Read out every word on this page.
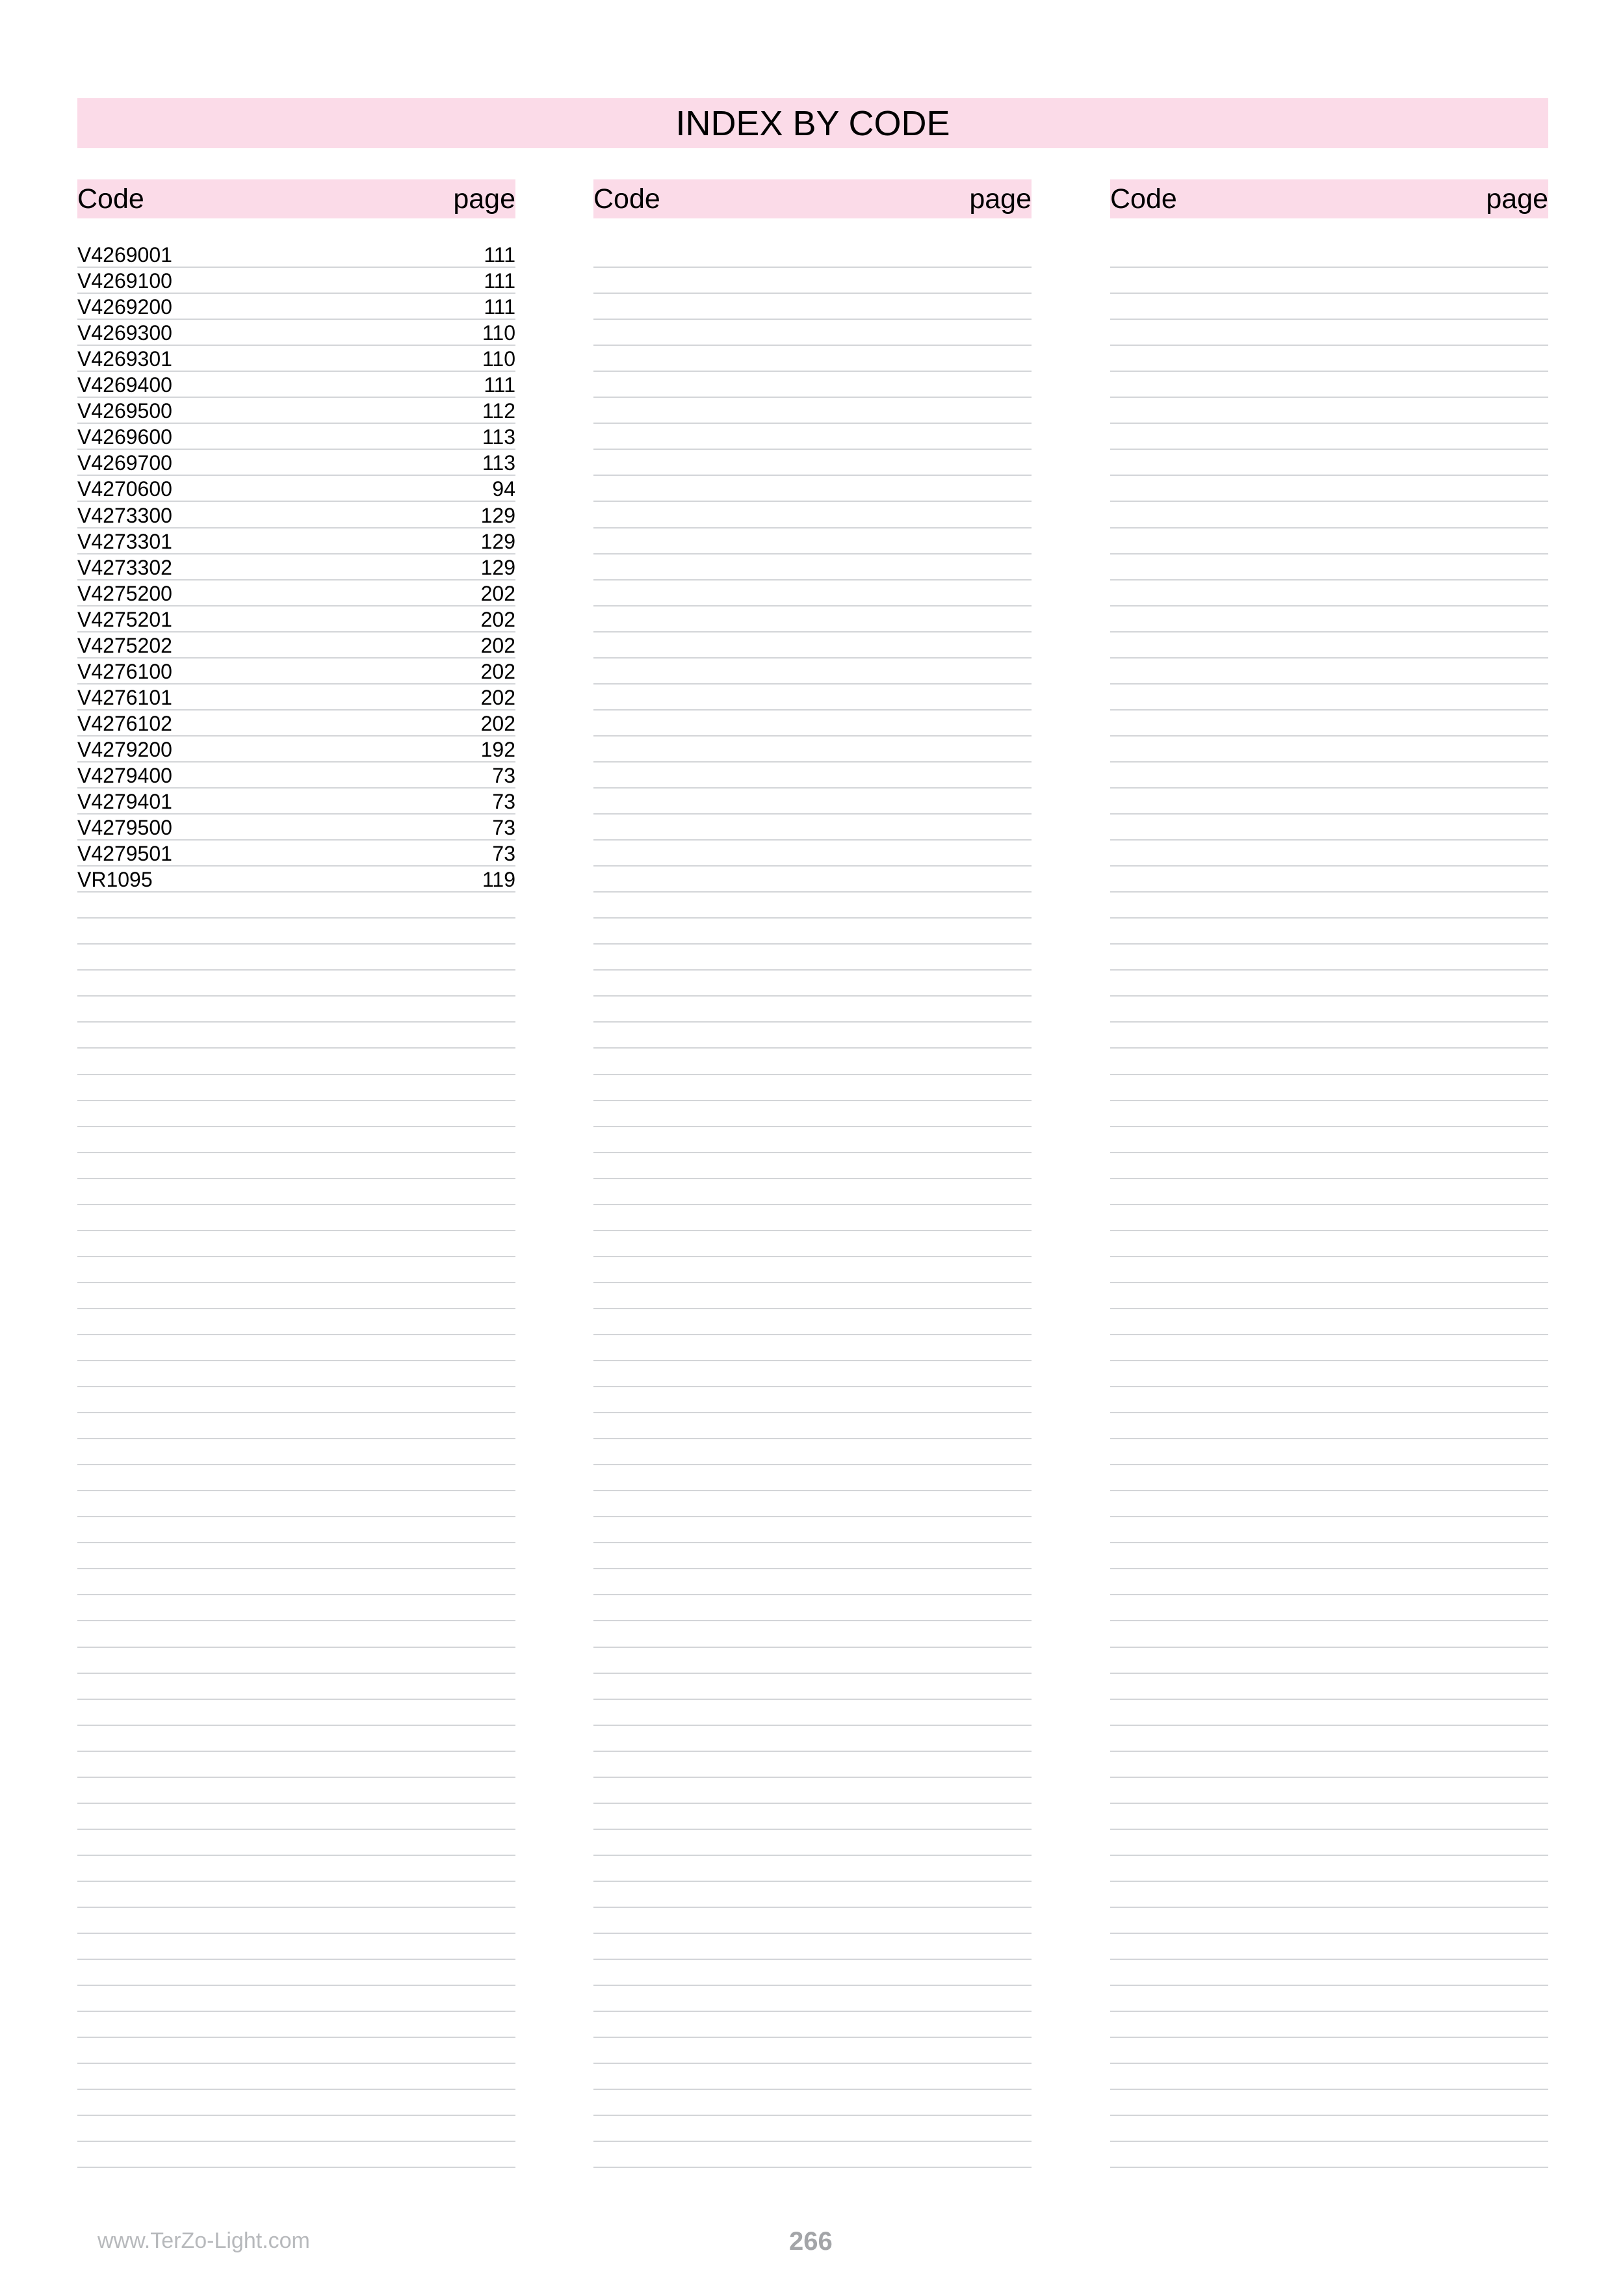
INDEX BY CODE
Code	page
V4269001	111
V4269100	111
V4269200	111
V4269300	110
V4269301	110
V4269400	111
V4269500	112
V4269600	113
V4269700	113
V4270600	94
V4273300	129
V4273301	129
V4273302	129
V4275200	202
V4275201	202
V4275202	202
V4276100	202
V4276101	202
V4276102	202
V4279200	192
V4279400	73
V4279401	73
V4279500	73
V4279501	73
VR1095	119
Code	page	Code	page
www.TerZo-Light.com	266
